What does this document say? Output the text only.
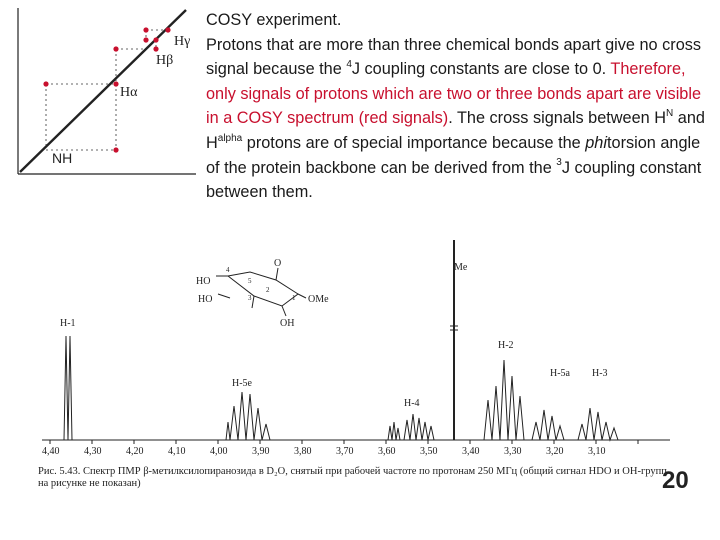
Hγ
Hβ
Hα
NH
COSY experiment.
Protons that are more than three chemical bonds apart give no cross signal because the $^4$J coupling constants are close to 0. Therefore, only signals of protons which are two or three bonds apart are visible in a COSY spectrum (red signals). The cross signals between $H^N$ and $H^{alpha}$ protons are of special importance because the phitorsion angle of the protein backbone can be derived from the $^3$J coupling constant between them.
HO
HO
O
OH
OMe
4
5
3
2
1
H-1
H-5e
H-4
Me
H-2
H-5a H-3
4,40 4,30 4,20 4,10 4,00 3,90 3,80 3,70 3,60 3,50 3,40 3,30 3,20 3,10
Рис. 5.43. Спектр ПМР β-метилксилопиранозида в D₂O, снятый при рабочей частоте по протонам 250 МГц (общий сигнал HDO и OH-групп на рисунке не показан)	20
